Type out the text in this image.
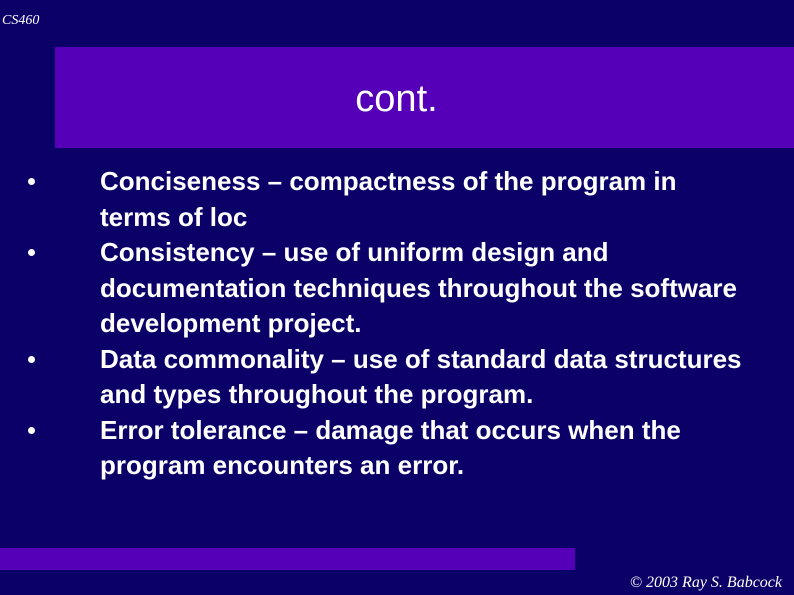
CS460
cont.
Conciseness – compactness of the program in terms of loc
Consistency – use of uniform design and documentation techniques throughout the software development project.
Data commonality – use of standard data structures and types throughout the program.
Error tolerance – damage that occurs when the program encounters an error.
© 2003 Ray S. Babcock
